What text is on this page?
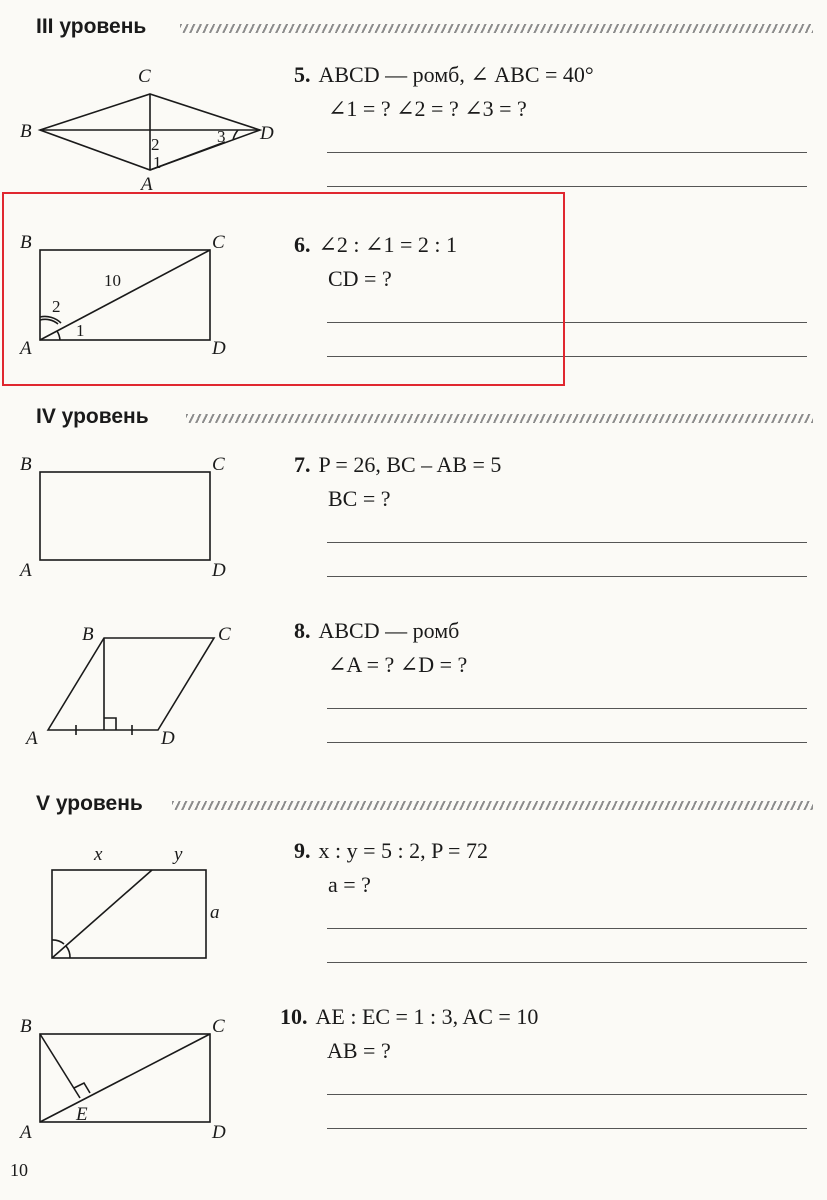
III уровень
C
B	D
A
2
1
3
5. ABCD — ромб, ∠ ABC = 40°
∠1 = ? ∠2 = ? ∠3 = ?
B	C
A	D
10
2
1
6. ∠2 : ∠1 = 2 : 1
CD = ?
IV уровень
B	C
A	D
7. P = 26, BC – AB = 5
BC = ?
B	C
A	D
8. ABCD — ромб
∠A = ? ∠D = ?
V уровень
x	y
a
9. x : y = 5 : 2, P = 72
a = ?
B	C
A	D
E
10. AE : EC = 1 : 3, AC = 10
AB = ?
10
